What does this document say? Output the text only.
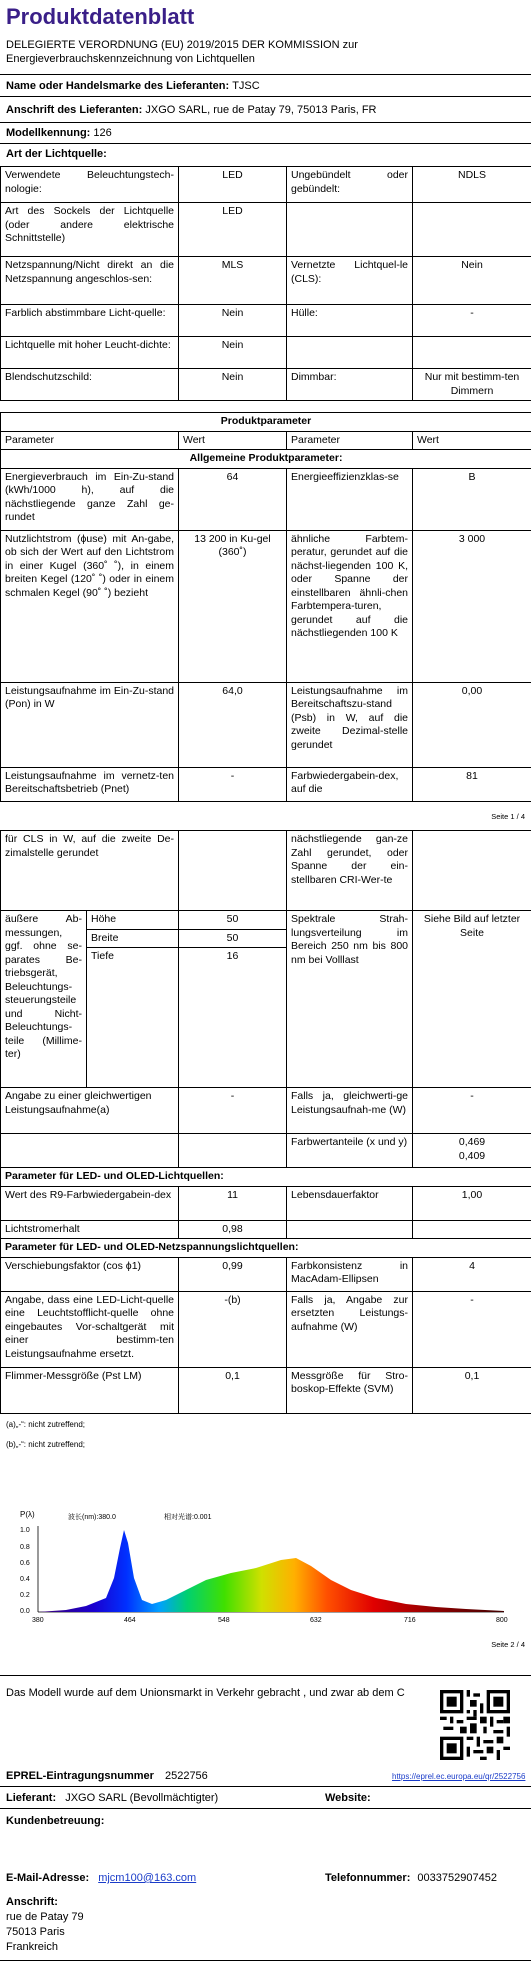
Produktdatenblatt
DELEGIERTE VERORDNUNG (EU) 2019/2015 DER KOMMISSION zur Energieverbrauchskennzeichnung von Lichtquellen
Name oder Handelsmarke des Lieferanten: TJSC
Anschrift des Lieferanten: JXGO SARL, rue de Patay 79, 75013 Paris, FR
Modellkennung: 126
Art der Lichtquelle:
Verwendete Beleuchtungstech-nologie:	LED	Ungebündelt oder gebündelt:	NDLS
Art des Sockels der Lichtquelle (oder andere elektrische Schnittstelle)	LED		
Netzspannung/Nicht direkt an die Netzspannung angeschlos-sen:	MLS	Vernetzte Lichtquel-le (CLS):	Nein
Farblich abstimmbare Licht-quelle:	Nein	Hülle:	-
Lichtquelle mit hoher Leucht-dichte:	Nein		
Blendschutzschild:	Nein	Dimmbar:	Nur mit bestimm-ten Dimmern
Produktparameter			
Parameter	Wert	Parameter	Wert
Allgemeine Produktparameter:			
Energieverbrauch im Ein-Zu-stand (kWh/1000 h), auf die nächstliegende ganze Zahl ge-rundet	64	Energieeffizienzklas-se	B
Nutzlichtstrom (ϕuse) mit An-gabe, ob sich der Wert auf den Lichtstrom in einer Kugel (360˚ ˚), in einem breiten Kegel (120˚ ˚) oder in einem schmalen Kegel (90˚ ˚) bezieht	13 200 in Ku-gel (360˚)	ähnliche Farbtem-peratur, gerundet auf die nächst-liegenden 100 K, oder Spanne der einstellbaren ähnli-chen Farbtempera-turen, gerundet auf die nächstliegenden 100 K	3 000
Leistungsaufnahme im Ein-Zu-stand (Pon) in W	64,0	Leistungsaufnahme im Bereitschaftszu-stand (Psb) in W, auf die zweite Dezimal-stelle gerundet	0,00
Leistungsaufnahme im vernetz-ten Bereitschaftsbetrieb (Pnet)	-	Farbwiedergabein-dex, auf die	81
Seite 1 / 4
für CLS in W, auf die zweite De-zimalstelle gerundet			nächstliegende gan-ze Zahl gerundet, oder Spanne der ein-stellbaren CRI-Wer-te	
äußere Ab-messungen, ggf. ohne se-parates Be-triebsgerät, Beleuchtungs-steuerungsteile und Nicht-Beleuchtungs-teile (Millime-ter)	Höhe	50	Spektrale Strah-lungsverteilung im Bereich 250 nm bis 800 nm bei Volllast	Siehe Bild auf letzter Seite
	Breite	50		
	Tiefe	16		
Angabe zu einer gleichwertigen Leistungsaufnahme(a)		-	Falls ja, gleichwerti-ge Leistungsaufnah-me (W)	-
			Farbwertanteile (x und y)	0,469
0,409

Parameter für LED- und OLED-Lichtquellen:				
Wert des R9-Farbwiedergabein-dex		11	Lebensdauerfaktor	1,00
Lichtstromerhalt		0,98		
Parameter für LED- und OLED-Netzspannungslichtquellen:				
Verschiebungsfaktor (cos ϕ1)		0,99	Farbkonsistenz in MacAdam-Ellipsen	4
Angabe, dass eine LED-Licht-quelle eine Leuchtstofflicht-quelle ohne eingebautes Vor-schaltgerät mit einer bestimm-ten Leistungsaufnahme ersetzt.		-(b)	Falls ja, Angabe zur ersetzten Leistungs-aufnahme (W)	-
Flimmer-Messgröße (Pst LM)		0,1	Messgröße für Stro-boskop-Effekte (SVM)	0,1
(a)„-“: nicht zutreffend;
(b)„-“: nicht zutreffend;
P(λ)	波长(nm):380.0	相对光谱:0.001
1.0
0.8
0.6
0.4
0.2
0.0
380	464	548	632	716	800
Seite 2 / 4
Das Modell wurde auf dem Unionsmarkt in Verkehr gebracht , und zwar ab dem C
EPREL-Eintragungsnummer 2522756	https://eprel.ec.europa.eu/qr/2522756
Lieferant: JXGO SARL (Bevollmächtigter)	Website:
Kundenbetreuung:
E-Mail-Adresse: mjcm100@163.com	Telefonnummer: 0033752907452
Anschrift:
rue de Patay 79
75013 Paris
Frankreich
